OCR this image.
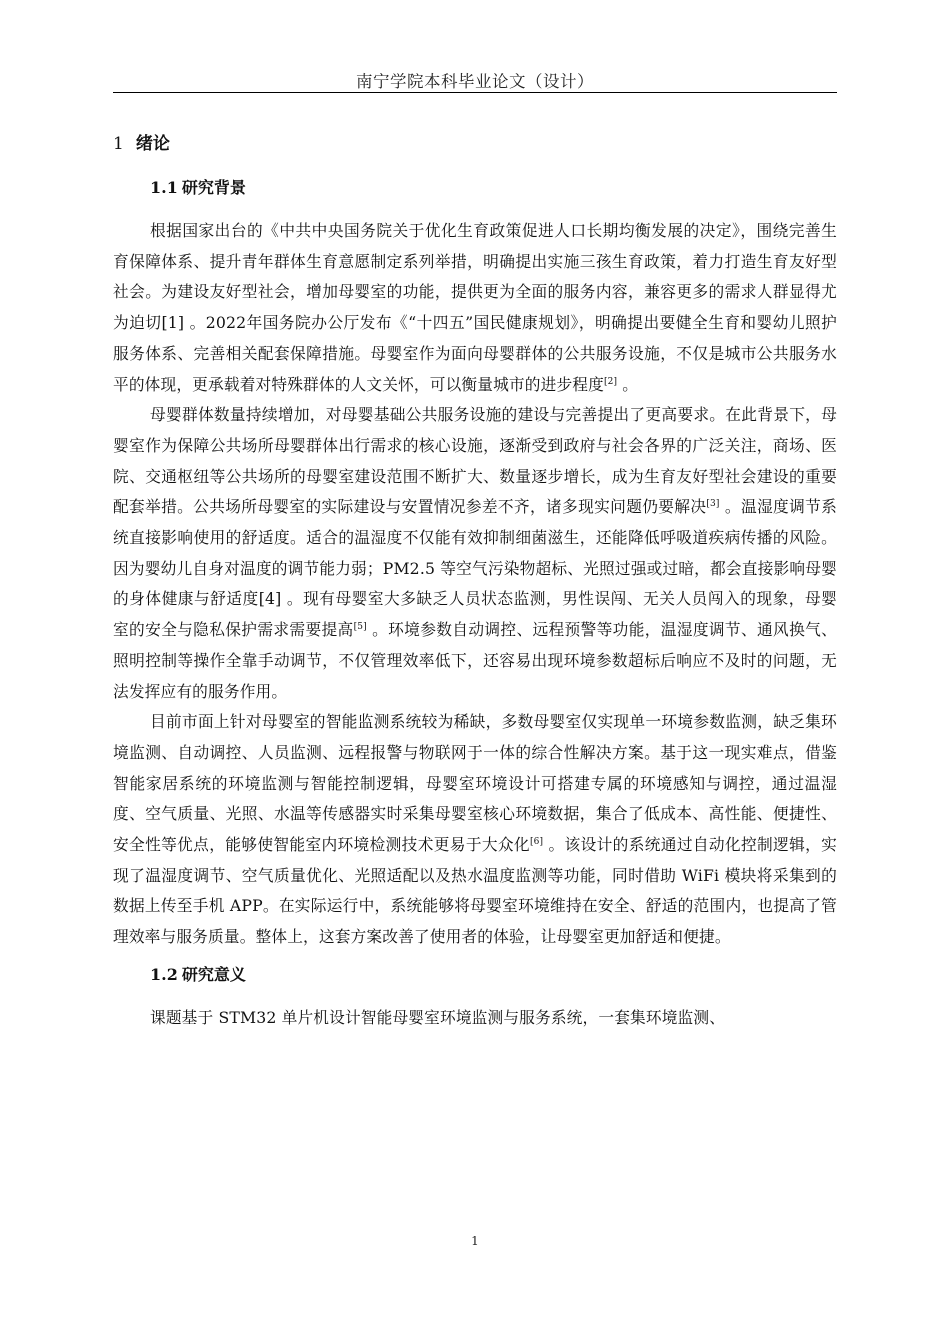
南宁学院本科毕业论文（设计）
1 绪论
1.1 研究背景

根据国家出台的《中共中央国务院关于优化生育政策促进人口长期均衡发展的决定》，围绕完善生育保障体系、提升青年群体生育意愿制定系列举措，明确提出实施三孩生育政策，着力打造生育友好型社会。为建设友好型社会，增加母婴室的功能，提供更为全面的服务内容，兼容更多的需求人群显得尤为迫切[1] 。2022年国务院办公厅发布《“十四五”国民健康规划》，明确提出要健全生育和婴幼儿照护服务体系、完善相关配套保障措施。母婴室作为面向母婴群体的公共服务设施，不仅是城市公共服务水平的体现，更承载着对特殊群体的人文关怀，可以衡量城市的进步程度[2] 。

母婴群体数量持续增加，对母婴基础公共服务设施的建设与完善提出了更高要求。在此背景下，母婴室作为保障公共场所母婴群体出行需求的核心设施，逐渐受到政府与社会各界的广泛关注，商场、医院、交通枢纽等公共场所的母婴室建设范围不断扩大、数量逐步增长，成为生育友好型社会建设的重要配套举措。公共场所母婴室的实际建设与安置情况参差不齐，诸多现实问题仍要解决[3] 。温湿度调节系统直接影响使用的舒适度。适合的温湿度不仅能有效抑制细菌滋生，还能降低呼吸道疾病传播的风险。因为婴幼儿自身对温度的调节能力弱；PM2.5 等空气污染物超标、光照过强或过暗，都会直接影响母婴的身体健康与舒适度[4] 。现有母婴室大多缺乏人员状态监测，男性误闯、无关人员闯入的现象，母婴室的安全与隐私保护需求需要提高[5] 。环境参数自动调控、远程预警等功能，温湿度调节、通风换气、照明控制等操作全靠手动调节，不仅管理效率低下，还容易出现环境参数超标后响应不及时的问题，无法发挥应有的服务作用。

目前市面上针对母婴室的智能监测系统较为稀缺，多数母婴室仅实现单一环境参数监测，缺乏集环境监测、自动调控、人员监测、远程报警与物联网于一体的综合性解决方案。基于这一现实难点，借鉴智能家居系统的环境监测与智能控制逻辑，母婴室环境设计可搭建专属的环境感知与调控，通过温湿度、空气质量、光照、水温等传感器实时采集母婴室核心环境数据，集合了低成本、高性能、便捷性、安全性等优点，能够使智能室内环境检测技术更易于大众化[6] 。该设计的系统通过自动化控制逻辑，实现了温湿度调节、空气质量优化、光照适配以及热水温度监测等功能，同时借助 WiFi 模块将采集到的数据上传至手机 APP。在实际运行中，系统能够将母婴室环境维持在安全、舒适的范围内，也提高了管理效率与服务质量。整体上，这套方案改善了使用者的体验，让母婴室更加舒适和便捷。

1.2 研究意义

课题基于 STM32 单片机设计智能母婴室环境监测与服务系统，一套集环境监测、

1
